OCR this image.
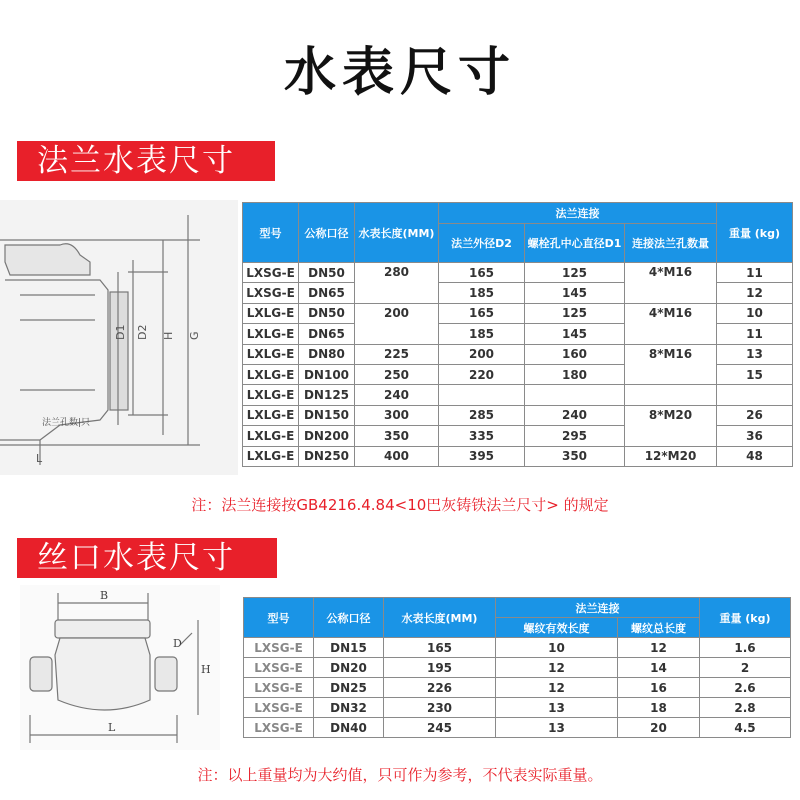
水表尺寸
法兰水表尺寸
D1 D2 H G
L
法兰孔数|只
型号	公称口径	水表长度(MM)	法兰连接			重量 (kg)
			法兰外径D2	螺栓孔中心直径D1	连接法兰孔数量	
LXSG-E	DN50	280	165	125	4*M16	11
LXSG-E	DN65		185	145		12
LXLG-E	DN50	200	165	125	4*M16	10
LXLG-E	DN65		185	145		11
LXLG-E	DN80	225	200	160	8*M16	13
LXLG-E	DN100	250	220	180		15
LXLG-E	DN125	240				
LXLG-E	DN150	300	285	240	8*M20	26
LXLG-E	DN200	350	335	295		36
LXLG-E	DN250	400	395	350	12*M20	48
注：法兰连接按GB4216.4.84<10巴灰铸铁法兰尺寸> 的规定
丝口水表尺寸
B
D
H
L
型号	公称口径	水表长度(MM)	法兰连接		重量 (kg)
			螺纹有效长度	螺纹总长度	
LXSG-E	DN15	165	10	12	1.6
LXSG-E	DN20	195	12	14	2
LXSG-E	DN25	226	12	16	2.6
LXSG-E	DN32	230	13	18	2.8
LXSG-E	DN40	245	13	20	4.5
注：以上重量均为大约值，只可作为参考，不代表实际重量。
